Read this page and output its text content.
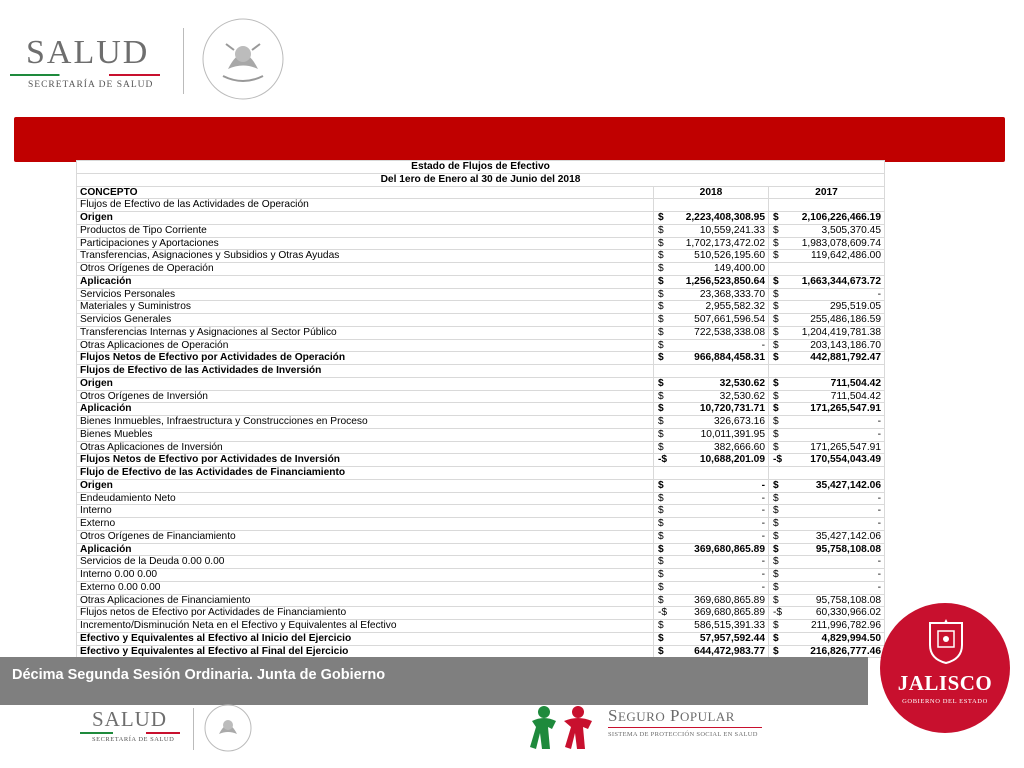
SALUD
SECRETARÍA DE SALUD
Estado de Flujos de Efectivo		
Del 1ero de Enero al 30 de Junio del 2018		
CONCEPTO	2018	2017
Flujos de Efectivo de las Actividades de Operación	

Origen	$ 2,223,408,308.95	$ 2,106,226,466.19

Productos de Tipo Corriente	$ 10,559,241.33	$ 3,505,370.45

Participaciones y Aportaciones	$ 1,702,173,472.02	$ 1,983,078,609.74

Transferencias, Asignaciones y Subsidios y Otras Ayudas	$ 510,526,195.60	$ 119,642,486.00

Otros Orígenes de Operación	$ 149,400.00	

Aplicación	$ 1,256,523,850.64	$ 1,663,344,673.72

Servicios Personales	$ 23,368,333.70	$ -

Materiales y Suministros	$ 2,955,582.32	$ 295,519.05

Servicios Generales	$ 507,661,596.54	$ 255,486,186.59

Transferencias Internas y Asignaciones al Sector Público	$ 722,538,338.08	$ 1,204,419,781.38

Otras Aplicaciones de Operación	$ -	$ 203,143,186.70

Flujos Netos de Efectivo por Actividades de Operación	$ 966,884,458.31	$ 442,881,792.47

Flujos de Efectivo de las Actividades de Inversión	

Origen	$ 32,530.62	$ 711,504.42

Otros Orígenes de Inversión	$ 32,530.62	$ 711,504.42

Aplicación	$ 10,720,731.71	$ 171,265,547.91

Bienes Inmuebles, Infraestructura y Construcciones en Proceso	$ 326,673.16	$ -

Bienes Muebles	$ 10,011,391.95	$ -

Otras Aplicaciones de Inversión	$ 382,666.60	$ 171,265,547.91

Flujos Netos de Efectivo por Actividades de Inversión	-$ 10,688,201.09	-$ 170,554,043.49

Flujo de Efectivo de las Actividades de Financiamiento	

Origen	$ -	$ 35,427,142.06

Endeudamiento Neto	$ -	$ -

Interno	$ -	$ -

Externo	$ -	$ -

Otros Orígenes de Financiamiento	$ -	$ 35,427,142.06

Aplicación	$ 369,680,865.89	$ 95,758,108.08

Servicios de la Deuda 0.00 0.00	$ -	$ -

Interno 0.00 0.00	$ -	$ -

Externo 0.00 0.00	$ -	$ -

Otras Aplicaciones de Financiamiento	$ 369,680,865.89	$ 95,758,108.08

Flujos netos de Efectivo por Actividades de Financiamiento	-$ 369,680,865.89	-$ 60,330,966.02

Incremento/Disminución Neta en el Efectivo y Equivalentes al Efectivo	$ 586,515,391.33	$ 211,996,782.96

Efectivo y Equivalentes al Efectivo al Inicio del Ejercicio	$ 57,957,592.44	$ 4,829,994.50

Efectivo y Equivalentes al Efectivo al Final del Ejercicio	$ 644,472,983.77	$ 216,826,777.46
Décima Segunda Sesión Ordinaria. Junta de Gobierno
SALUD
SECRETARÍA DE SALUD
SEGURO POPULAR
SISTEMA DE PROTECCIÓN SOCIAL EN SALUD
JALISCO
GOBIERNO DEL ESTADO
